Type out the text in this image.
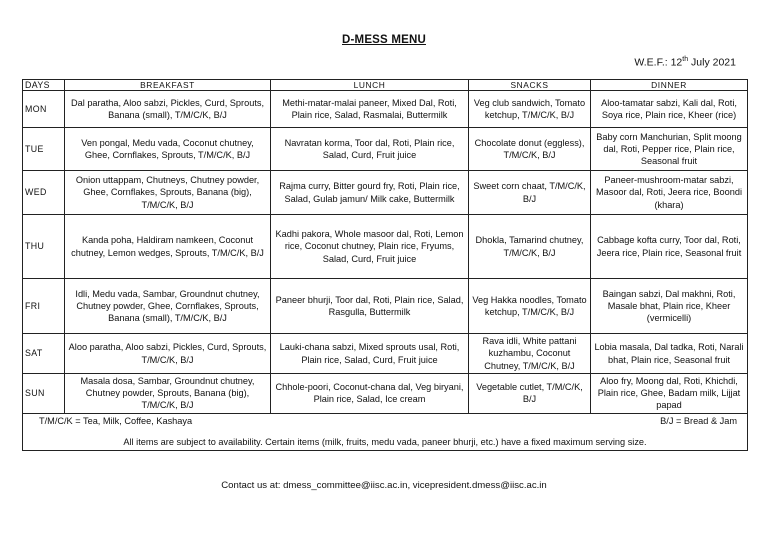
D-MESS MENU
W.E.F.: 12th July 2021
DAYS	BREAKFAST	LUNCH	SNACKS	DINNER
MON	Dal paratha, Aloo sabzi, Pickles, Curd, Sprouts, Banana (small), T/M/C/K, B/J	Methi-matar-malai paneer, Mixed Dal, Roti, Plain rice, Salad, Rasmalai, Buttermilk	Veg club sandwich, Tomato ketchup, T/M/C/K, B/J	Aloo-tamatar sabzi, Kali dal, Roti, Soya rice, Plain rice, Kheer (rice)
TUE	Ven pongal, Medu vada, Coconut chutney, Ghee, Cornflakes, Sprouts, T/M/C/K, B/J	Navratan korma, Toor dal, Roti, Plain rice, Salad, Curd, Fruit juice	Chocolate donut (eggless), T/M/C/K, B/J	Baby corn Manchurian, Split moong dal, Roti, Pepper rice, Plain rice, Seasonal fruit
WED	Onion uttappam, Chutneys, Chutney powder, Ghee, Cornflakes, Sprouts, Banana (big), T/M/C/K, B/J	Rajma curry, Bitter gourd fry, Roti, Plain rice, Salad, Gulab jamun/ Milk cake, Buttermilk	Sweet corn chaat, T/M/C/K, B/J	Paneer-mushroom-matar sabzi, Masoor dal, Roti, Jeera rice, Boondi (khara)
THU	Kanda poha, Haldiram namkeen, Coconut chutney, Lemon wedges, Sprouts, T/M/C/K, B/J	Kadhi pakora, Whole masoor dal, Roti, Lemon rice, Coconut chutney, Plain rice, Fryums, Salad, Curd, Fruit juice	Dhokla, Tamarind chutney, T/M/C/K, B/J	Cabbage kofta curry, Toor dal, Roti, Jeera rice, Plain rice, Seasonal fruit
FRI	Idli, Medu vada, Sambar, Groundnut chutney, Chutney powder, Ghee, Cornflakes, Sprouts, Banana (small), T/M/C/K, B/J	Paneer bhurji, Toor dal, Roti, Plain rice, Salad, Rasgulla, Buttermilk	Veg Hakka noodles, Tomato ketchup, T/M/C/K, B/J	Baingan sabzi, Dal makhni, Roti, Masale bhat, Plain rice, Kheer (vermicelli)
SAT	Aloo paratha, Aloo sabzi, Pickles, Curd, Sprouts, T/M/C/K, B/J	Lauki-chana sabzi, Mixed sprouts usal, Roti, Plain rice, Salad, Curd, Fruit juice	Rava idli, White pattani kuzhambu, Coconut Chutney, T/M/C/K, B/J	Lobia masala, Dal tadka, Roti, Narali bhat, Plain rice, Seasonal fruit
SUN	Masala dosa, Sambar, Groundnut chutney, Chutney powder, Sprouts, Banana (big), T/M/C/K, B/J	Chhole-poori, Coconut-chana dal, Veg biryani, Plain rice, Salad, Ice cream	Vegetable cutlet, T/M/C/K, B/J	Aloo fry, Moong dal, Roti, Khichdi, Plain rice, Ghee, Badam milk, Lijjat papad

T/M/C/K = Tea, Milk, Coffee, Kashaya B/J = Bread & Jam
All items are subject to availability. Certain items (milk, fruits, medu vada, paneer bhurji, etc.) have a fixed maximum serving size.				
Contact us at: dmess_committee@iisc.ac.in, vicepresident.dmess@iisc.ac.in
